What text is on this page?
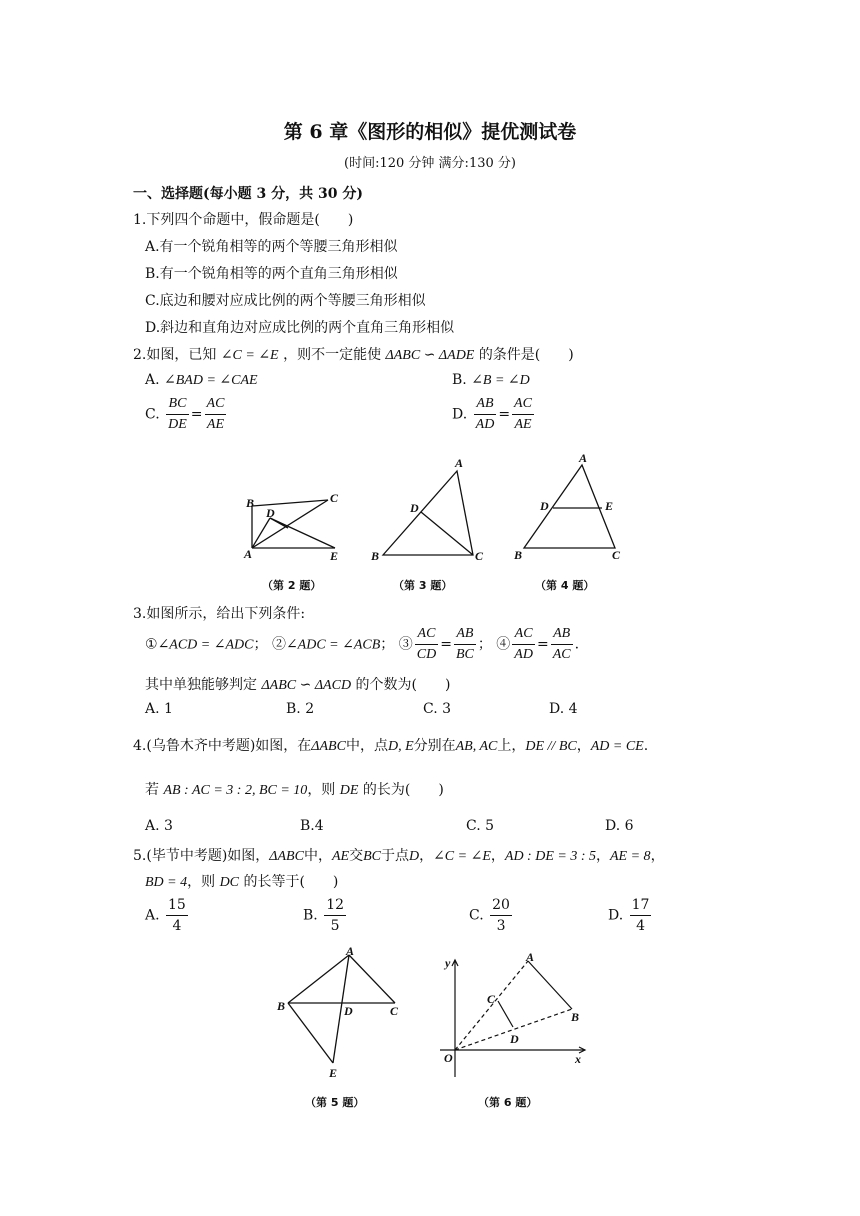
第 6 章《图形的相似》提优测试卷
(时间:120 分钟 满分:130 分)
一、选择题(每小题 3 分，共 30 分)
1.下列四个命题中，假命题是(　　)
A.有一个锐角相等的两个等腰三角形相似
B.有一个锐角相等的两个直角三角形相似
C.底边和腰对应成比例的两个等腰三角形相似
D.斜边和直角边对应成比例的两个直角三角形相似
2.如图，已知 ∠C = ∠E ，则不一定能使 ΔABC ∽ ΔADE 的条件是(　　)
A. ∠BAD = ∠CAE	B. ∠B = ∠D
C. $\frac{BC}{DE} = \frac{AC}{AE}$	D. $\frac{AB}{AD} = \frac{AC}{AE}$
B	C
D
A	E
A
D
B	C
A
D	E
B	C
（第 2 题）	（第 3 题）	（第 4 题）
3.如图所示，给出下列条件:
①∠ACD = ∠ADC； ②∠ADC = ∠ACB； ③ $\frac{AC}{CD} = \frac{AB}{BC}$ ； ④ $\frac{AC}{AD} = \frac{AB}{AC}$ .
其中单独能够判定 ΔABC ∽ ΔACD 的个数为(　　)
A. 1	B. 2	C. 3	D. 4
4.(乌鲁木齐中考题)如图，在ΔABC中，点D, E分别在AB, AC上，DE // BC，AD = CE.
若 AB : AC = 3 : 2, BC = 10，则 DE 的长为(　　)
A. 3	B.4	C. 5	D. 6
5.(毕节中考题)如图，ΔABC中，AE交BC于点D，∠C = ∠E，AD : DE = 3 : 5，AE = 8，
BD = 4，则 DC 的长等于(　　)
A. $\frac{15}{4}$	B. $\frac{12}{5}$	C. $\frac{20}{3}$	D. $\frac{17}{4}$
A
B	D	C
E
y
x
O
A
B
C
D
（第 5 题）	（第 6 题）
